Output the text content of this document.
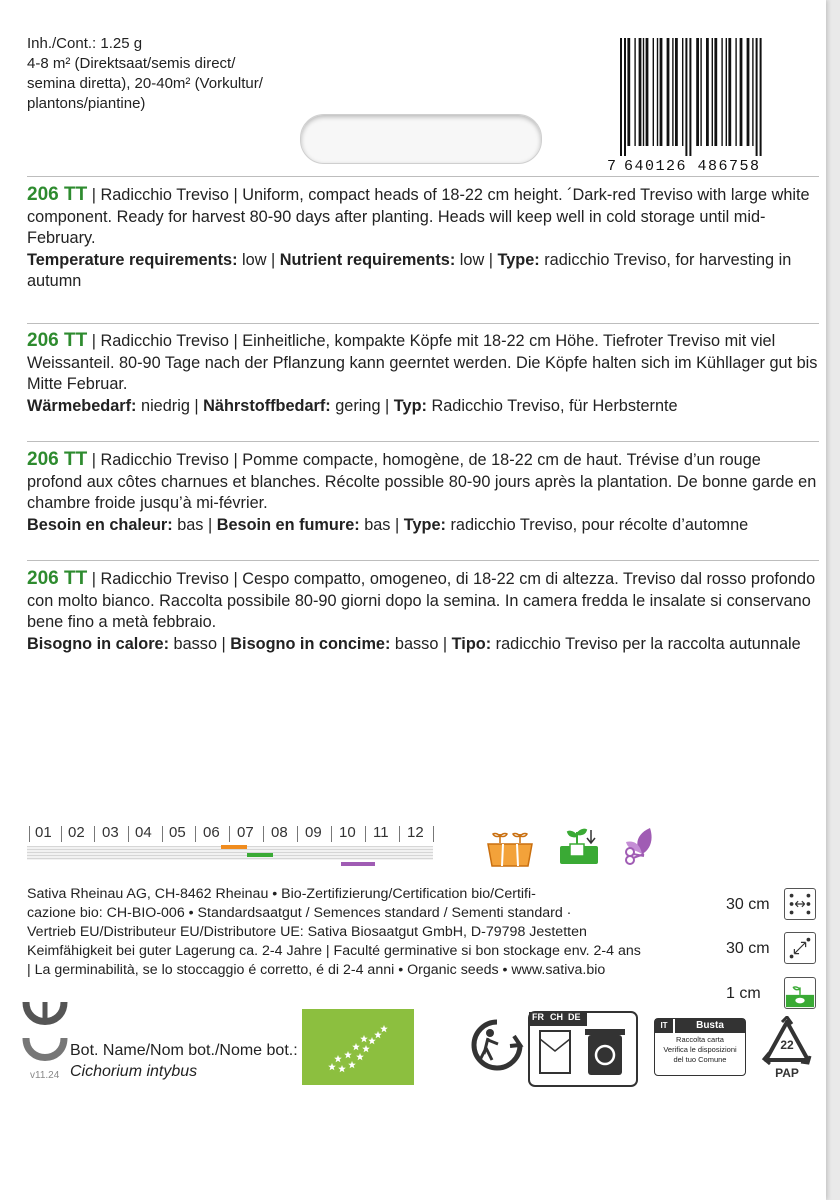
Inh./Cont.: 1.25 g
4-8 m² (Direktsaat/semis direct/
semina diretta), 20-40m² (Vorkultur/
plantons/piantine)
7 640126 486758

206 TT | Radicchio Treviso | Uniform, compact heads of 18-22 cm height. ´Dark-red Treviso with large white component. Ready for harvest 80-90 days after planting. Heads will keep well in cold storage until mid-February.

Temperature requirements: low | Nutrient requirements: low | Type: radicchio Treviso, for harvesting in autumn

206 TT | Radicchio Treviso | Einheitliche, kompakte Köpfe mit 18-22 cm Höhe. Tiefroter Treviso mit viel Weissanteil. 80-90 Tage nach der Pflanzung kann geerntet werden. Die Köpfe halten sich im Kühllager gut bis Mitte Februar.

Wärmebedarf: niedrig | Nährstoffbedarf: gering | Typ: Radicchio Treviso, für Herbsternte

206 TT | Radicchio Treviso | Pomme compacte, homogène, de 18-22 cm de haut. Trévise d’un rouge profond aux côtes charnues et blanches. Récolte possible 80-90 jours après la plantation. De bonne garde en chambre froide jusqu’à mi-février.

Besoin en chaleur: bas | Besoin en fumure: bas | Type: radicchio Treviso, pour récolte d’automne

206 TT | Radicchio Treviso | Cespo compatto, omogeneo, di 18-22 cm di altezza. Treviso dal rosso profondo con molto bianco. Raccolta possibile 80-90 giorni dopo la semina. In camera fredda le insalate si conservano bene fino a metà febbraio.

Bisogno in calore: basso | Bisogno in concime: basso | Tipo: radicchio Treviso per la raccolta autunnale

01 02 03 04 05 06 07 08 09 10 11 12
Sativa Rheinau AG, CH-8462 Rheinau • Bio-Zertifizierung/Certification bio/Certifi-
cazione bio: CH-BIO-006 • Standardsaatgut / Semences standard / Sementi standard ·
Vertrieb EU/Distributeur EU/Distributore UE: Sativa Biosaatgut GmbH, D-79798 Jestetten
Keimfähigkeit bei guter Lagerung ca. 2-4 Jahre | Faculté germinative si bon stockage env. 2-4 ans
| La germinabilità, se lo stoccaggio é corretto, é di 2-4 anni • Organic seeds • www.sativa.bio
30 cm
30 cm
1 cm
Bot. Name/Nom bot./Nome bot.:
Cichorium intybus
v11.24
FR CH DE
IT	Busta
Raccolta carta
Verifica le disposizioni
del tuo Comune
22
PAP
